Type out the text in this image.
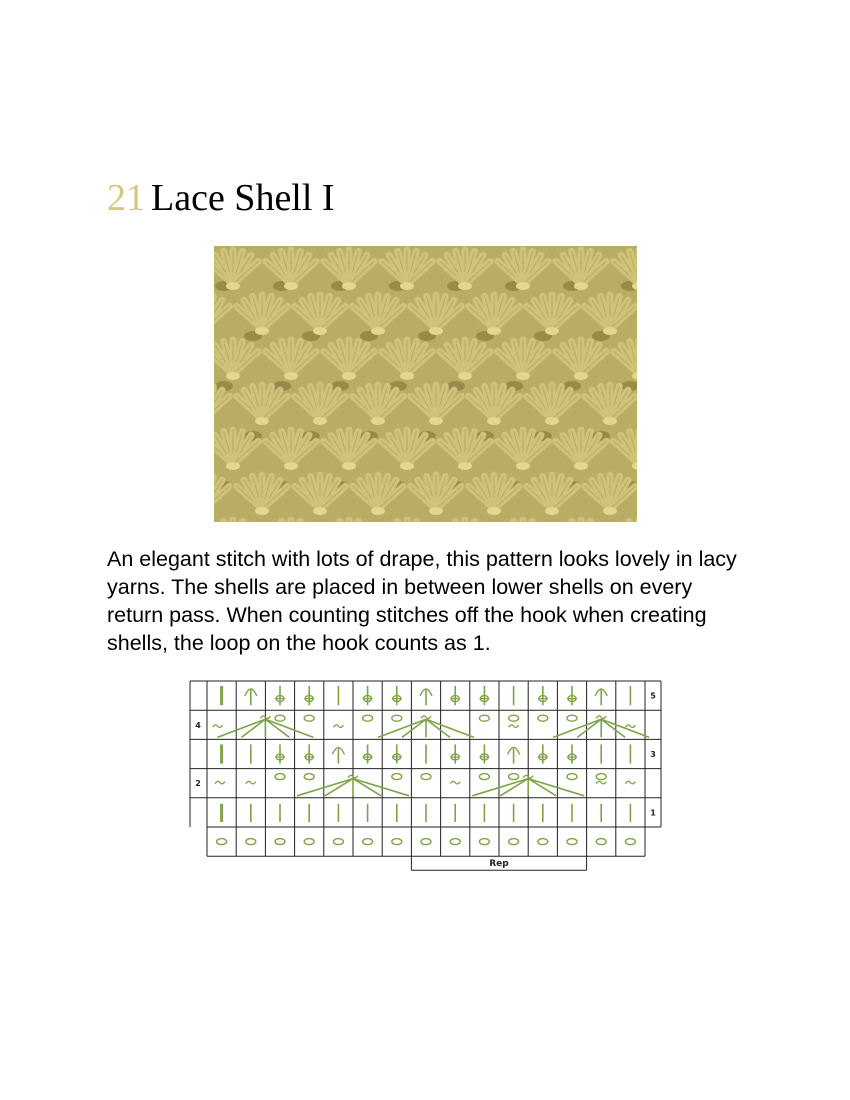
21 Lace Shell I

An elegant stitch with lots of drape, this pattern looks lovely in lacy yarns. The shells are placed in between lower shells on every return pass. When counting stitches off the hook when creating shells, the loop on the hook counts as 1.

5
4
3
2
1
Rep
